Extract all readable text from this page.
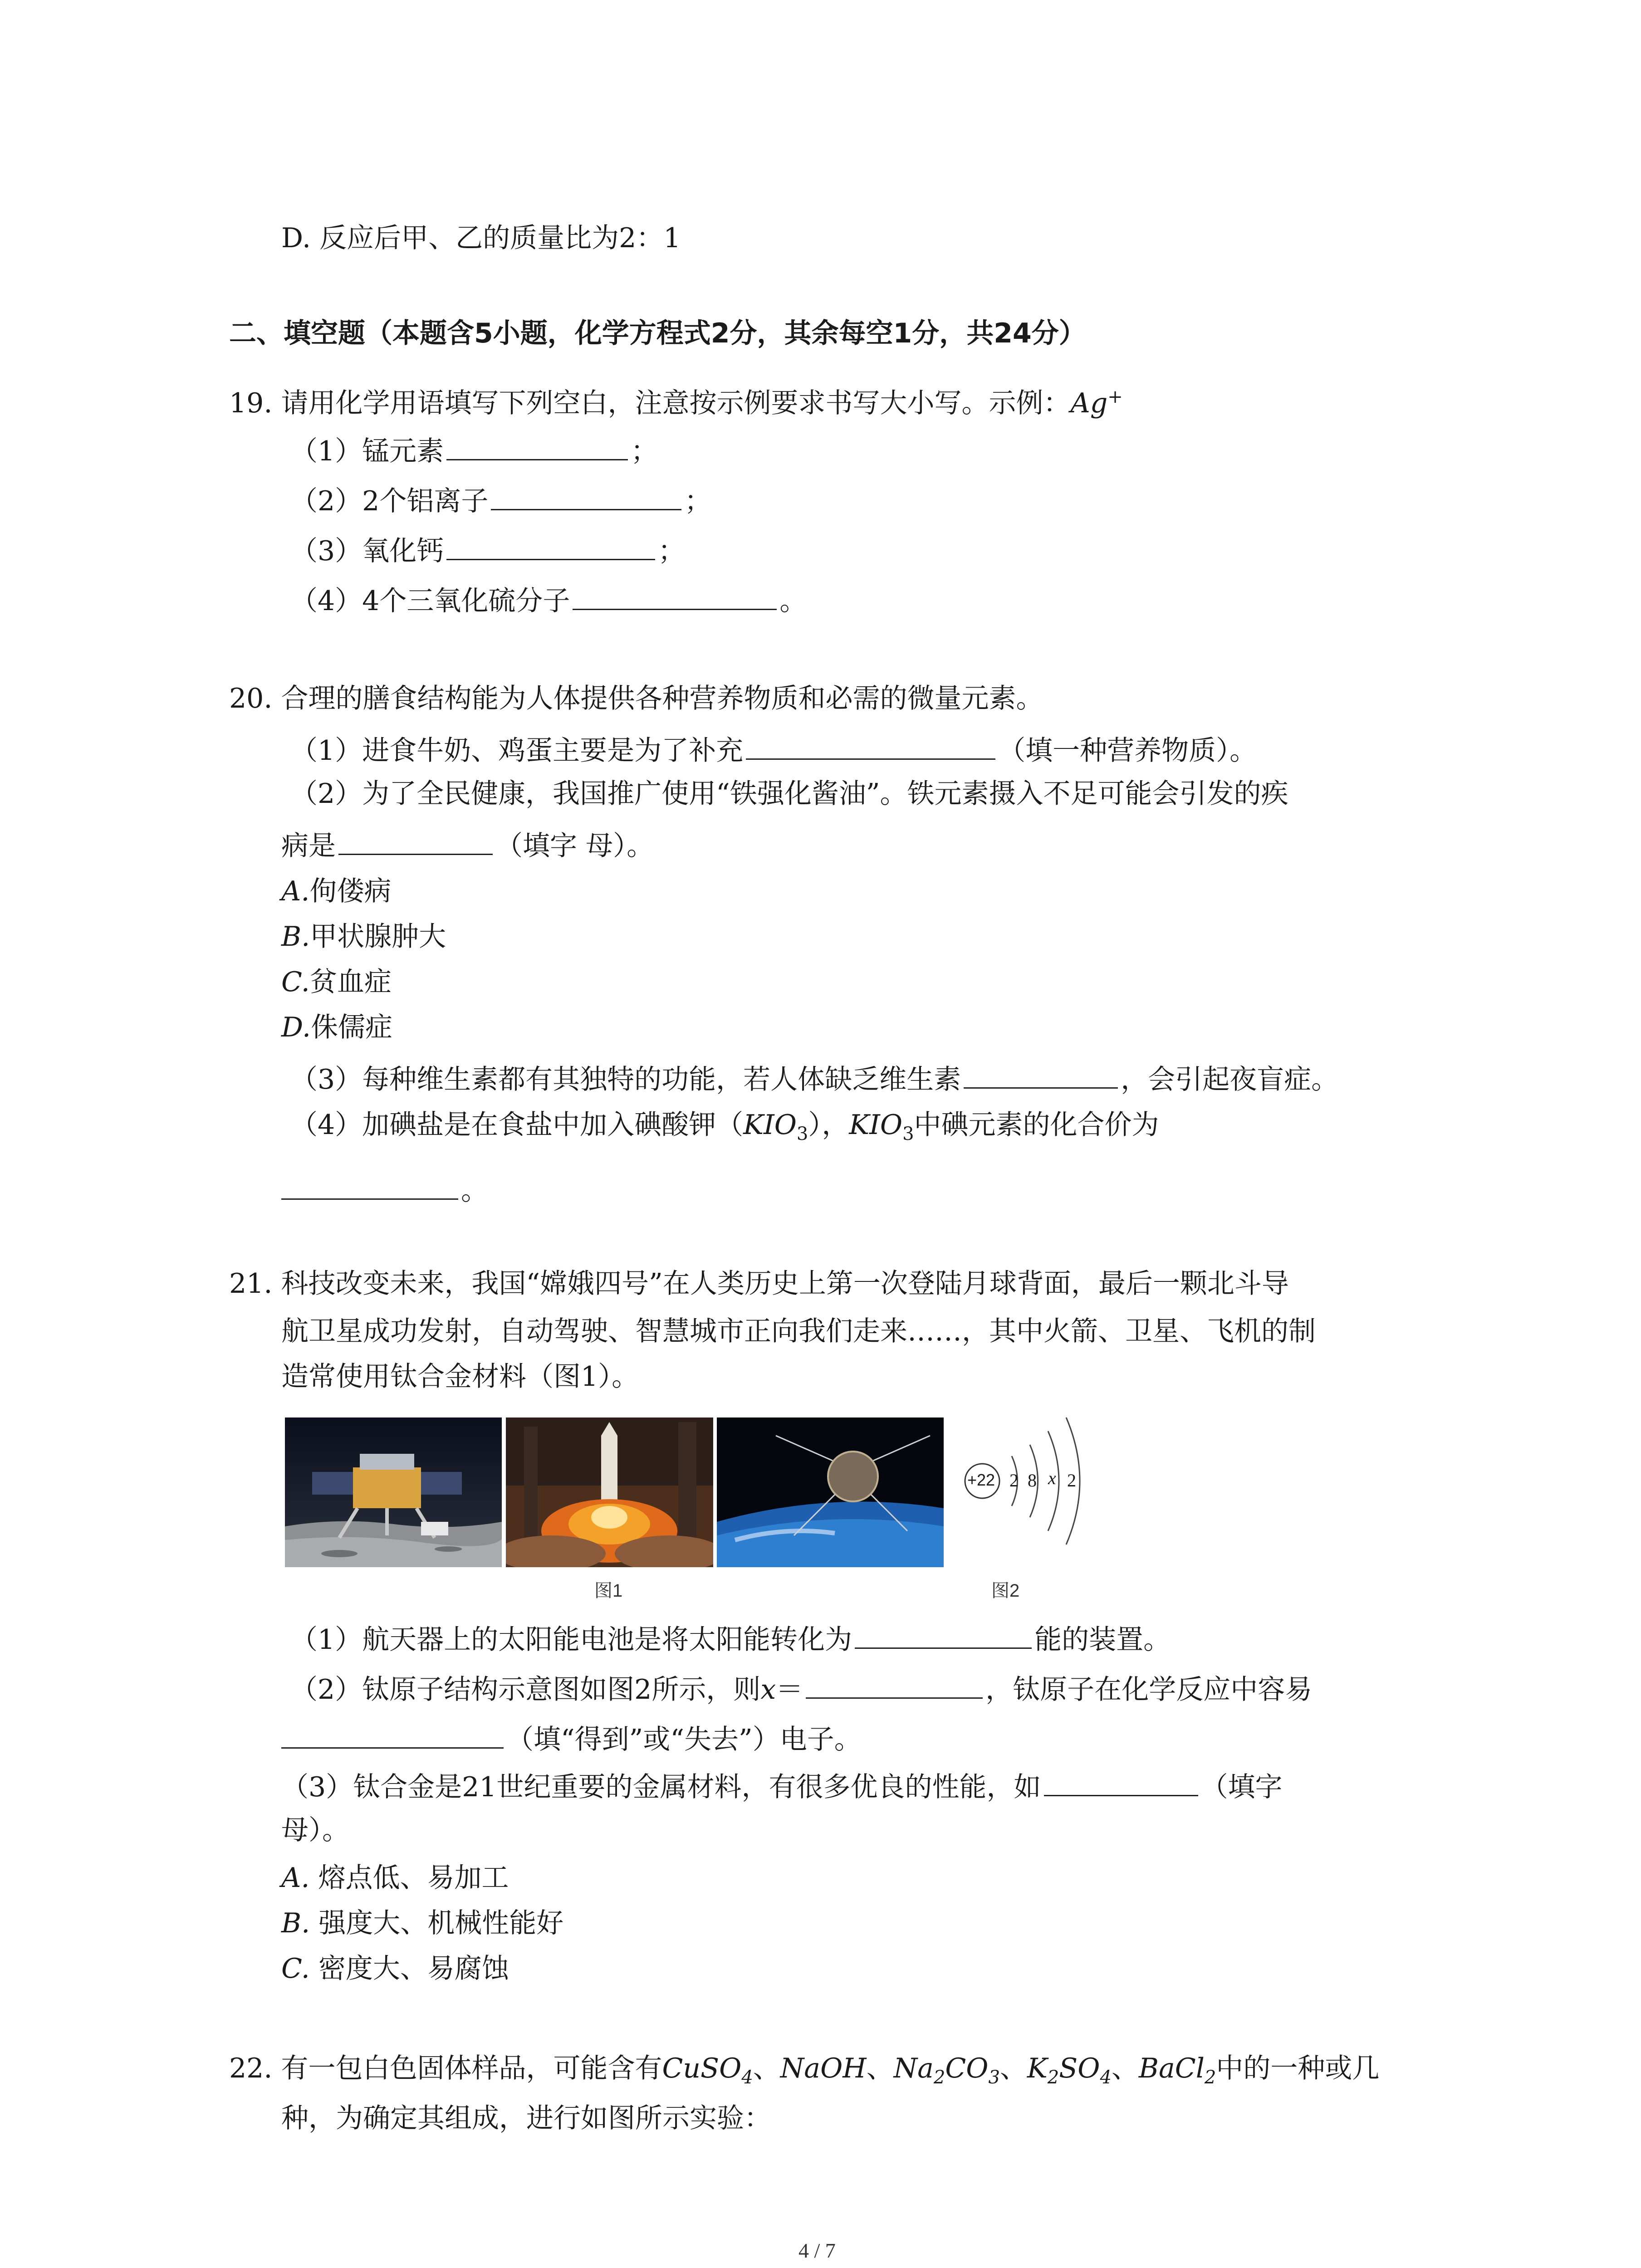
D. 反应后甲、乙的质量比为2：1
二、填空题（本题含5小题，化学方程式2分，其余每空1分，共24分）
19. 请用化学用语填写下列空白，注意按示例要求书写大小写。示例：Ag+
（1）锰元素	；
（2）2个铝离子	；
（3）氧化钙	；
（4）4个三氧化硫分子	。
20. 合理的膳食结构能为人体提供各种营养物质和必需的微量元素。
（1）进食牛奶、鸡蛋主要是为了补充	（填一种营养物质）。
（2）为了全民健康，我国推广使用“铁强化酱油”。铁元素摄入不足可能会引发的疾
病是	（填字 母）。
A.佝偻病
B.甲状腺肿大
C.贫血症
D.侏儒症
（3）每种维生素都有其独特的功能，若人体缺乏维生素	，会引起夜盲症。
（4）加碘盐是在食盐中加入碘酸钾$(KIO_3)$，$KIO_3$中碘元素的化合价为
。
21. 科技改变未来，我国“嫦娥四号”在人类历史上第一次登陆月球背面，最后一颗北斗导
航卫星成功发射，自动驾驶、智慧城市正向我们走来……，其中火箭、卫星、飞机的制
造常使用钛合金材料（图1）。
图1
+22 2 8 x 2
图2
（1）航天器上的太阳能电池是将太阳能转化为	能的装置。
（2）钛原子结构示意图如图2所示，则x＝	，钛原子在化学反应中容易
（填“得到”或“失去”）电子。
（3）钛合金是21世纪重要的金属材料，有很多优良的性能，如	（填字
母）。
A. 熔点低、易加工
B. 强度大、机械性能好
C. 密度大、易腐蚀
22. 有一包白色固体样品，可能含有CuSO$_4$、NaOH、$Na_2CO_3$、$K_2SO_4$、BaCl$_2$中的一种或几
种，为确定其组成，进行如图所示实验：
4 / 7
